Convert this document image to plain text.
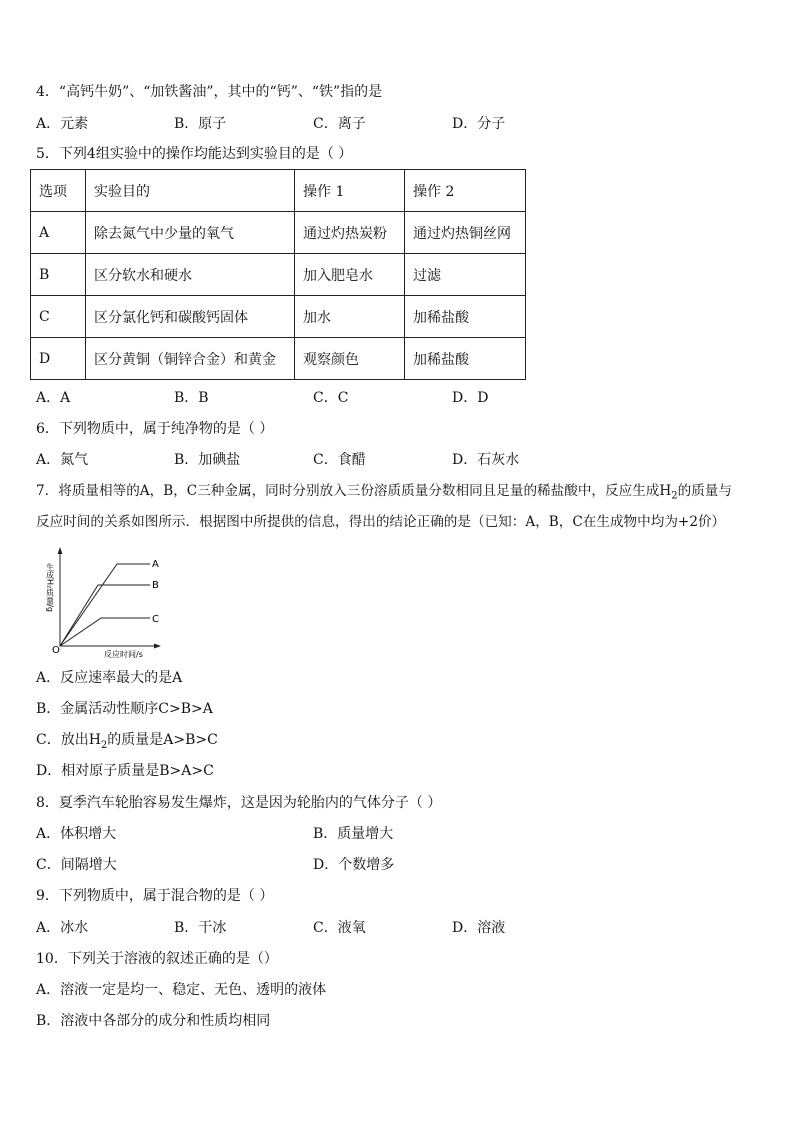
4．“高钙牛奶”、“加铁酱油”，其中的“钙”、“铁”指的是
A．元素	B．原子	C．离子	D．分子
5．下列4组实验中的操作均能达到实验目的是（ ）
选项	实验目的	操作 1	操作 2
A	除去氮气中少量的氧气	通过灼热炭粉	通过灼热铜丝网
B	区分软水和硬水	加入肥皂水	过滤
C	区分氯化钙和碳酸钙固体	加水	加稀盐酸
D	区分黄铜（铜锌合金）和黄金	观察颜色	加稀盐酸
A．A	B．B	C．C	D．D
6．下列物质中，属于纯净物的是（ ）
A．氮气	B．加碘盐	C．食醋	D．石灰水
7．将质量相等的A，B，C三种金属，同时分别放入三份溶质质量分数相同且足量的稀盐酸中，反应生成$H_2$的质量与
反应时间的关系如图所示．根据图中所提供的信息，得出的结论正确的是（已知：A，B，C在生成物中均为+2价）
A
B
C
O	反应时间/s
生成H₂质量/g
A．反应速率最大的是A
B．金属活动性顺序C>B>A
C．放出$H_2$的质量是A>B>C
D．相对原子质量是B>A>C
8．夏季汽车轮胎容易发生爆炸，这是因为轮胎内的气体分子（ ）
A．体积增大	B．质量增大
C．间隔增大	D．个数增多
9．下列物质中，属于混合物的是（ ）
A．冰水	B．干冰	C．液氧	D．溶液
10．下列关于溶液的叙述正确的是（）
A．溶液一定是均一、稳定、无色、透明的液体
B．溶液中各部分的成分和性质均相同
